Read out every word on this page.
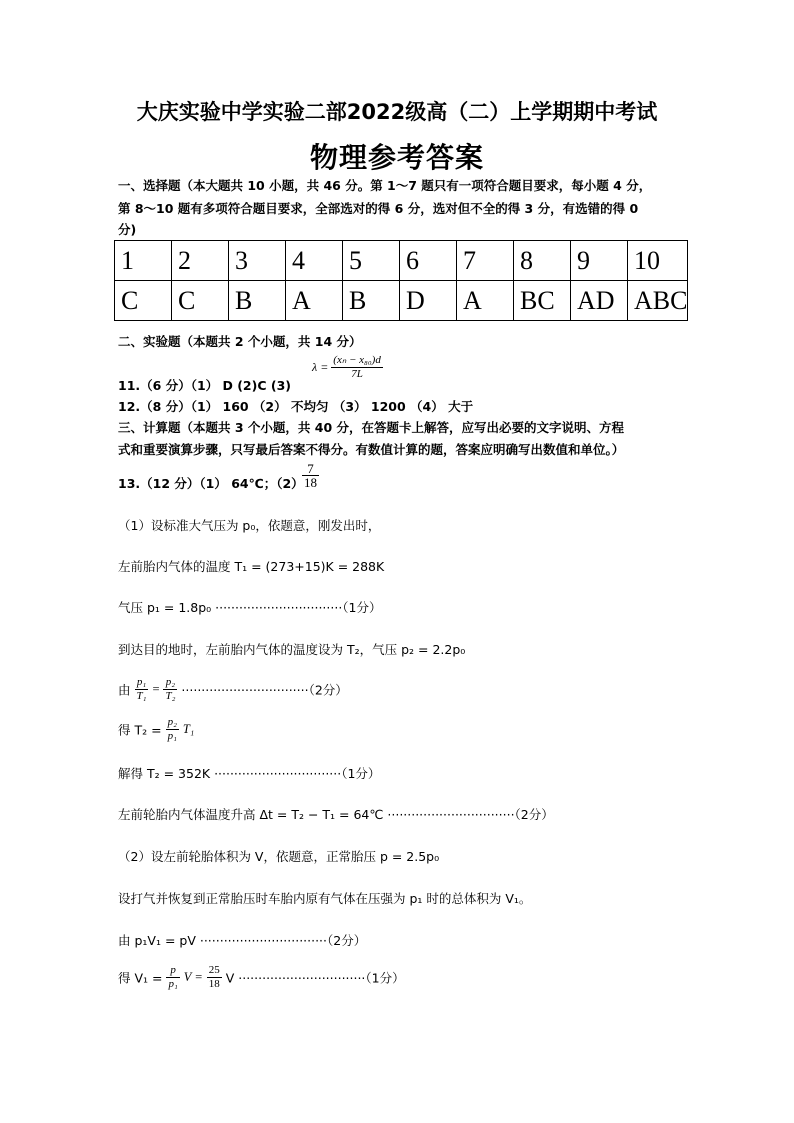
大庆实验中学实验二部2022级高（二）上学期期中考试
物理参考答案
一、选择题（本大题共 10 小题，共 46 分。第 1～7 题只有一项符合题目要求，每小题 4 分，
第 8～10 题有多项符合题目要求，全部选对的得 6 分，选对但不全的得 3 分，有选错的得 0
分)
1	2	3	4	5	6	7	8	9	10
C	C	B	A	B	D	A	BC	AD	ABC
二、实验题（本题共 2 个小题，共 14 分）
11.（6 分）（1） D (2)C (3)
$\lambda = \frac{\text{(xₙ − x₈₀)d}}{7L}$
12.（8 分）（1） 160 （2） 不均匀 （3） 1200 （4） 大于
三、计算题（本题共 3 个小题，共 40 分，在答题卡上解答，应写出必要的文字说明、方程
式和重要演算步骤，只写最后答案不得分。有数值计算的题，答案应明确写出数值和单位。）
13.（12 分）（1） 64℃；（2）
$\frac{7}{18}$
（1）设标准大气压为 p₀，依题意，刚发出时，
左前胎内气体的温度 T₁ = (273+15)K = 288K
气压 p₁ = 1.8p₀ ································（1分）
到达目的地时，左前胎内气体的温度设为 T₂，气压 p₂ = 2.2p₀
由 $\frac{\text{p₁}}{\text{T₁}} = \frac{\text{p₂}}{\text{T₂}} \cdot\cdot\cdot\cdot\cdot\cdot\cdot\cdot\cdot\cdot\cdot\cdot\cdot\cdot\cdot\cdot\cdot\cdot\cdot\cdot\cdot\cdot\cdot\cdot\cdot\cdot\cdot\cdot\cdot\cdot\cdot\cdot(2$分）
得 $T_2 = \frac{\text{p₂}}{\text{p₁}} T_1$
解得 T₂ = 352K ································（1分）
左前轮胎内气体温度升高 Δt = T₂ − T₁ = 64℃ ································（2分）
（2）设左前轮胎体积为 V，依题意，正常胎压 p = 2.5p₀
设打气并恢复到正常胎压时车胎内原有气体在压强为 p₁ 时的总体积为 V₁。
由 p₁V₁ = pV ································（2分）
得 $V_1 = \frac{p}{\text{p₁}}$ $V = \frac{25}{18}$ V ································（1分）
